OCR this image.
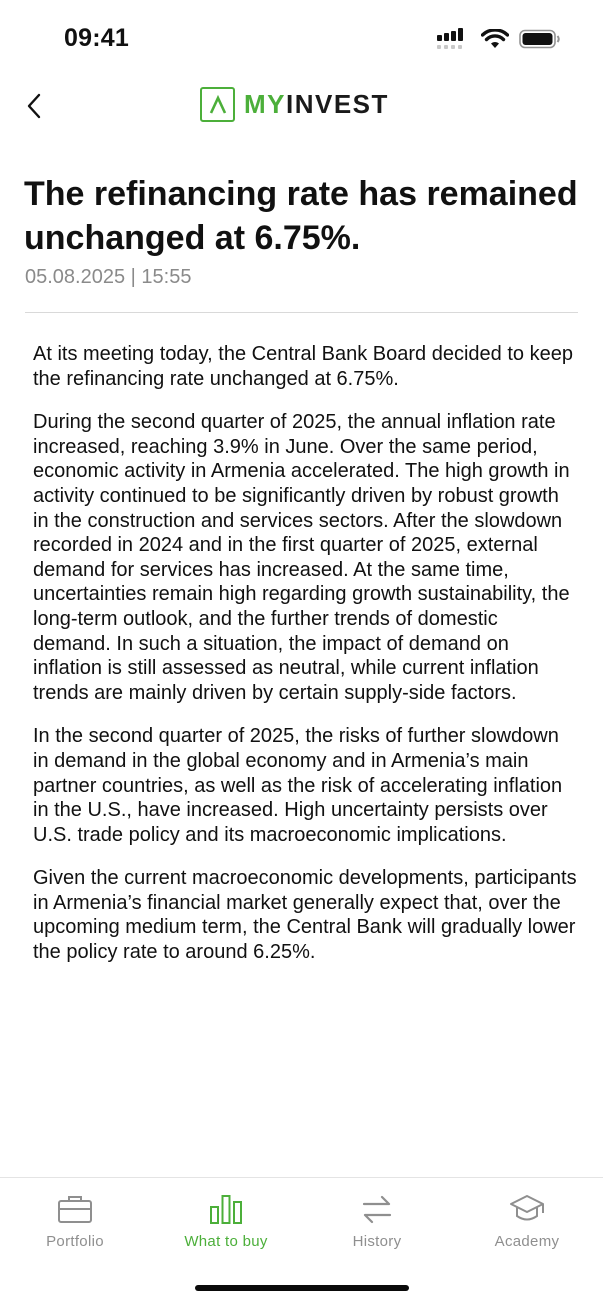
09:41
MYINVEST
The refinancing rate has remained unchanged at 6.75%.
05.08.2025 | 15:55

At its meeting today, the Central Bank Board decided to keep the refinancing rate unchanged at 6.75%.

During the second quarter of 2025, the annual inflation rate increased, reaching 3.9% in June. Over the same period, economic activity in Armenia accelerated. The high growth in activity continued to be significantly driven by robust growth in the construction and services sectors. After the slowdown recorded in 2024 and in the first quarter of 2025, external demand for services has increased. At the same time, uncertainties remain high regarding growth sustainability, the long-term outlook, and the further trends of domestic demand. In such a situation, the impact of demand on inflation is still assessed as neutral, while current inflation trends are mainly driven by certain supply-side factors.

In the second quarter of 2025, the risks of further slowdown in demand in the global economy and in Armenia’s main partner countries, as well as the risk of accelerating inflation in the U.S., have increased. High uncertainty persists over U.S. trade policy and its macroeconomic implications.

Given the current macroeconomic developments, participants in Armenia’s financial market generally expect that, over the upcoming medium term, the Central Bank will gradually lower the policy rate to around 6.25%.

Portfolio	What to buy	History	Academy
